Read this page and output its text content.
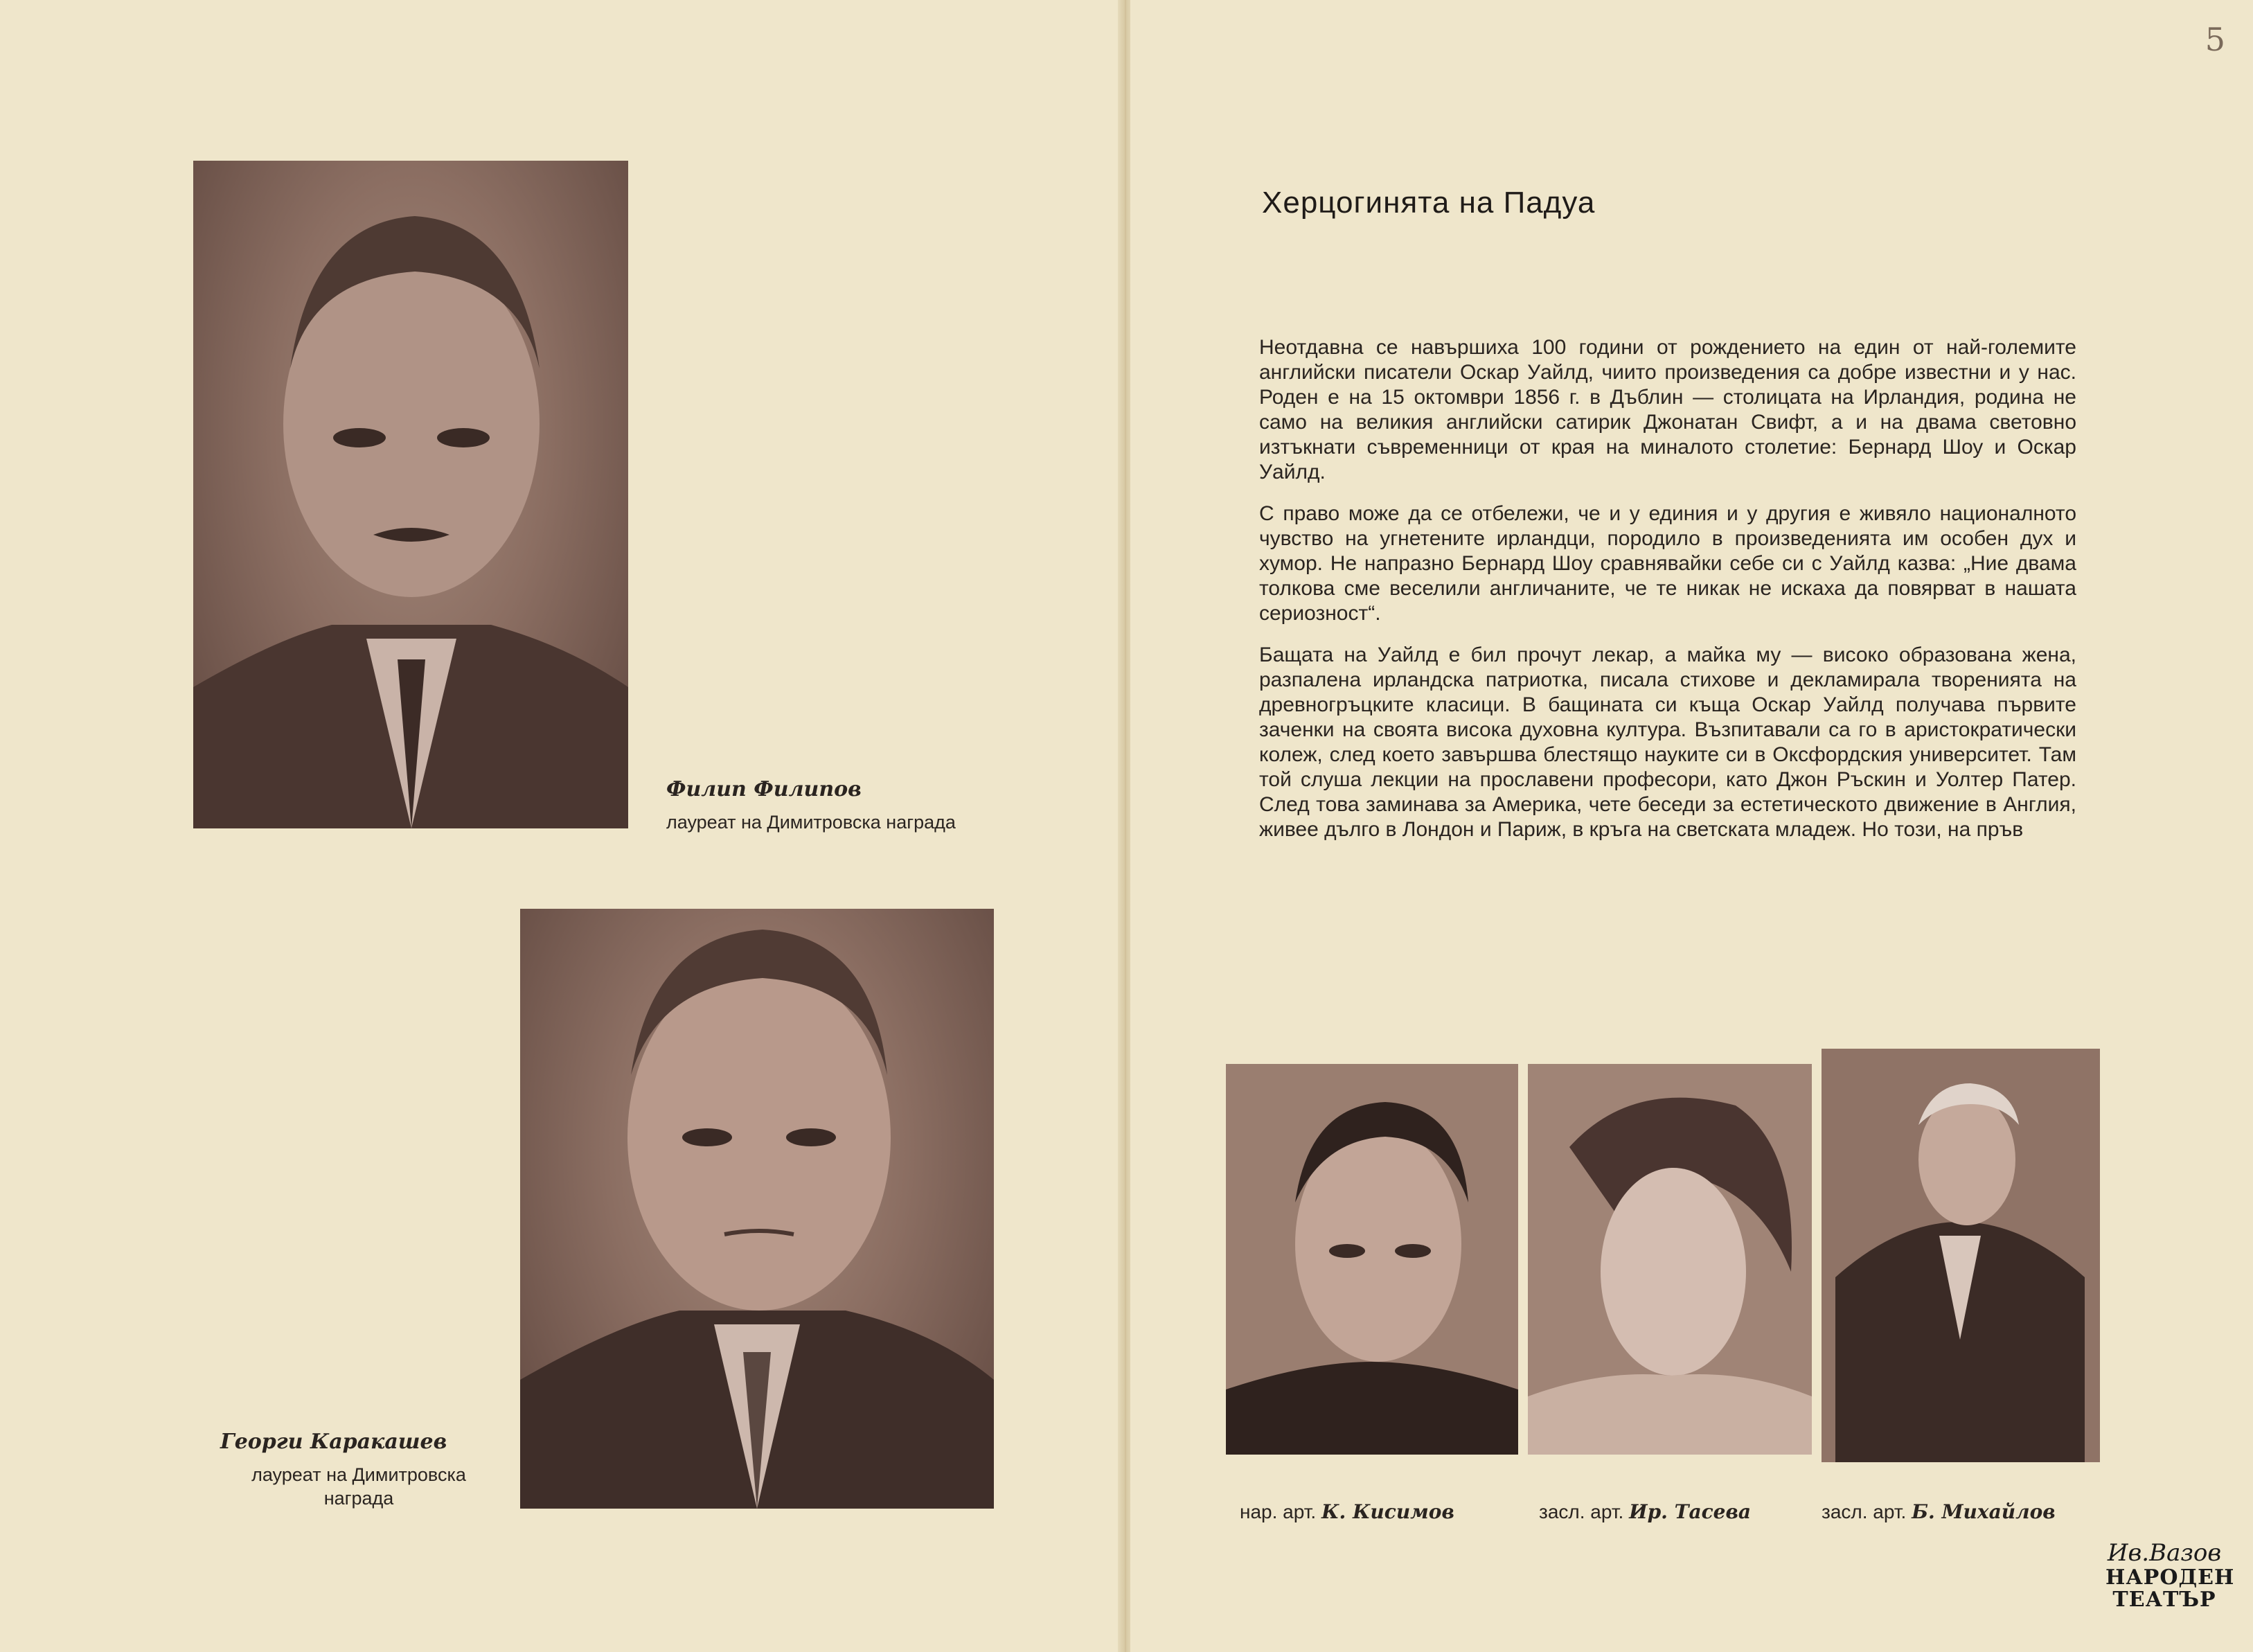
Филип Филипов
лауреат на Димитровска награда
Георги Каракашев
лауреат на Димитровска
награда
5
Херцогинята на Падуа

Неотдавна се навършиха 100 години от рождението на един от най-големите английски писатели Оскар Уайлд, чиито произведения са добре известни и у нас. Роден е на 15 октомври 1856 г. в Дъблин — столицата на Ирландия, родина не само на великия английски сатирик Джонатан Свифт, а и на двама световно изтъкнати съвременници от края на миналото столетие: Бернард Шоу и Оскар Уайлд.

С право може да се отбележи, че и у единия и у другия е живяло националното чувство на угнетените ирландци, породило в произведенията им особен дух и хумор. Не напразно Бернард Шоу сравнявайки себе си с Уайлд казва: „Ние двама толкова сме веселили англичаните, че те никак не искаха да повярват в нашата сериозност“.

Бащата на Уайлд е бил прочут лекар, а майка му — високо образована жена, разпалена ирландска патриотка, писала стихове и декламирала творенията на древногръцките класици. В бащината си къща Оскар Уайлд получава първите заченки на своята висока духовна култура. Възпитавали са го в аристократически колеж, след което завършва блестящо науките си в Оксфордския университет. Там той слуша лекции на прославени професори, като Джон Ръскин и Уолтер Патер. След това заминава за Америка, чете беседи за естетическото движение в Англия, живее дълго в Лондон и Париж, в кръга на светската младеж. Но този, на пръв

нар. арт. К. Кисимов	засл. арт. Ир. Тасева	засл. арт. Б. Михайлов
Ив.Вазов
НАРОДЕН
ТЕАТЪР
